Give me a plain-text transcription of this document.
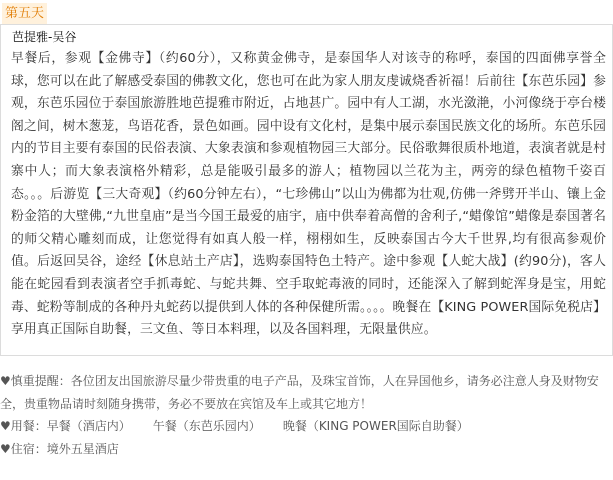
第五天
芭提雅-吴谷
早餐后，参观【金佛寺】（约60分），又称黄金佛寺，是泰国华人对该寺的称呼，泰国的四面佛享誉全球，您可以在此了解感受泰国的佛教文化，您也可在此为家人朋友虔诚烧香祈福！后前往【东芭乐园】参观，东芭乐园位于泰国旅游胜地芭提雅市附近，占地甚广。园中有人工湖，水光潋滟，小河像绕于亭台楼阁之间，树木葱茏，鸟语花香，景色如画。园中设有文化村，是集中展示泰国民族文化的场所。东芭乐园内的节目主要有泰国的民俗表演、大象表演和参观植物园三大部分。民俗歌舞很质朴地道，表演者就是村寨中人；而大象表演格外精彩，总是能吸引最多的游人；植物园以兰花为主，两旁的绿色植物千姿百态。。。后游览【三大奇观】（约60分钟左右），“七珍佛山”以山为佛都为壮观,仿佛一斧劈开半山、镶上金粉金箔的大壁佛,“九世皇庙”是当今国王最爱的庙宇，庙中供奉着高僧的舍利子,“蜡像馆”蜡像是泰国著名的师父精心雕刻而成，让您觉得有如真人般一样，栩栩如生，反映泰国古今大千世界,均有很高参观价值。后返回吴谷，途经【休息站土产店】，选购泰国特色土特产。途中参观【人蛇大战】(约90分)，客人能在蛇园看到表演者空手抓毒蛇、与蛇共舞、空手取蛇毒液的同时，还能深入了解到蛇浑身是宝，用蛇毒、蛇粉等制成的各种丹丸蛇药以提供到人体的各种保健所需。。。。晚餐在【KING POWER国际免税店】享用真正国际自助餐，三文鱼、等日本料理，以及各国料理，无限量供应。
♥慎重提醒：各位团友出国旅游尽量少带贵重的电子产品，及珠宝首饰，人在异国他乡，请务必注意人身及财物安全，贵重物品请时刻随身携带，务必不要放在宾馆及车上或其它地方！
♥用餐：早餐（酒店内） 午餐（东芭乐园内） 晚餐（KING POWER国际自助餐）
♥住宿：境外五星酒店
